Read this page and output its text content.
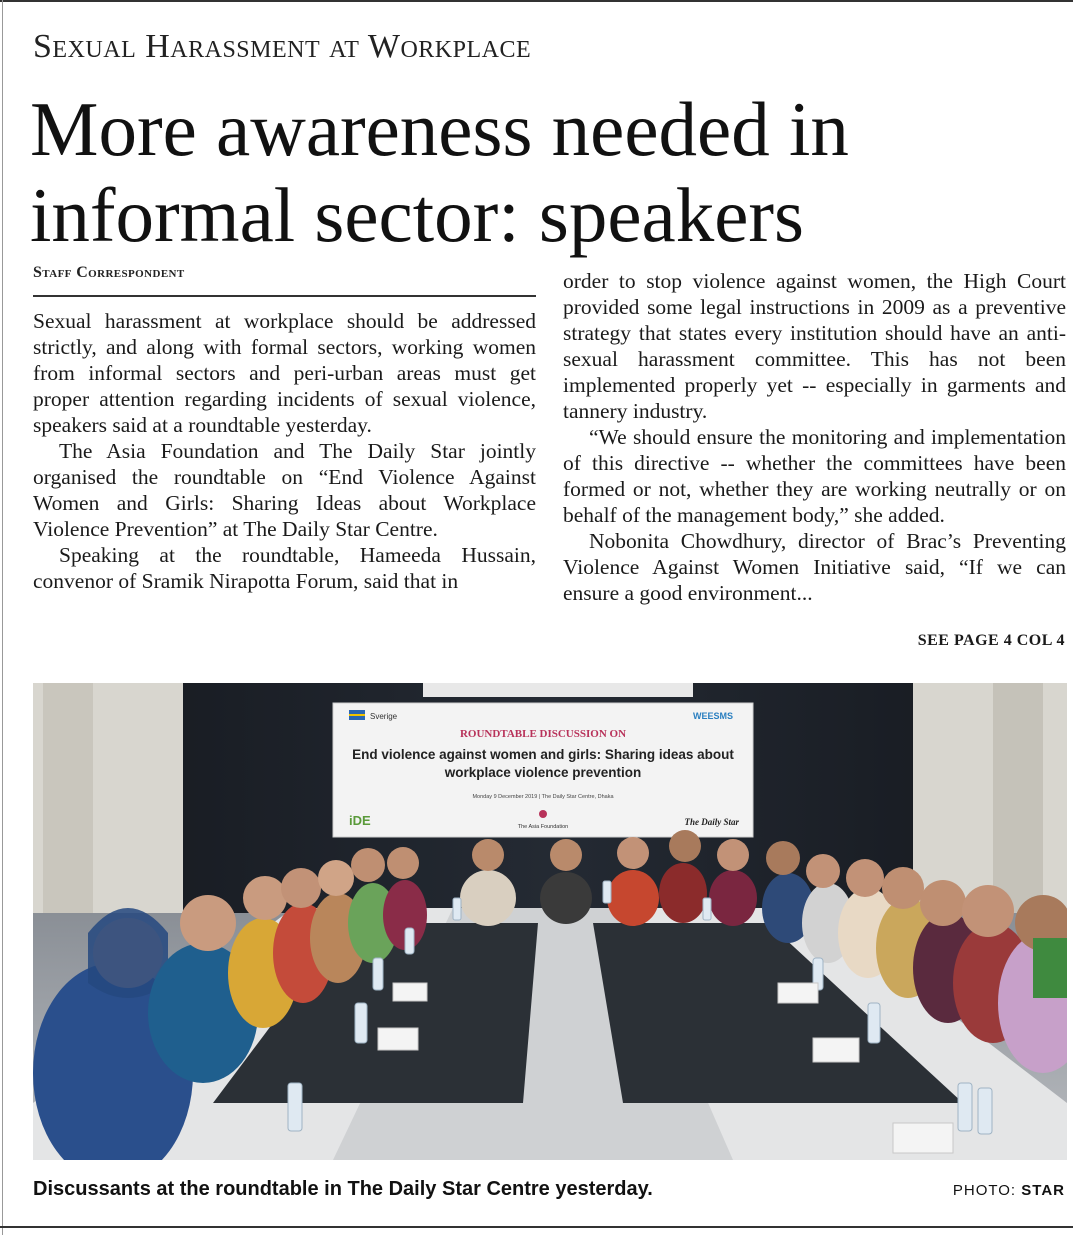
Sexual Harassment at Workplace
More awareness needed in informal sector: speakers
Staff Correspondent

Sexual harassment at workplace should be addressed strictly, and along with formal sectors, working women from informal sectors and peri-urban areas must get proper attention regarding incidents of sexual violence, speakers said at a roundtable yesterday.

The Asia Foundation and The Daily Star jointly organised the roundtable on “End Violence Against Women and Girls: Sharing Ideas about Workplace Violence Prevention” at The Daily Star Centre.

Speaking at the roundtable, Hameeda Hussain, convenor of Sramik Nirapotta Forum, said that in

order to stop violence against women, the High Court provided some legal instructions in 2009 as a preventive strategy that states every institution should have an anti-sexual harassment committee. This has not been implemented properly yet -- especially in garments and tannery industry.

“We should ensure the monitoring and implementation of this directive -- whether the committees have been formed or not, whether they are working neutrally or on behalf of the management body,” she added.

Nobonita Chowdhury, director of Brac’s Preventing Violence Against Women Initiative said, “If we can ensure a good environment...

SEE PAGE 4 COL 4
Sverige	WEESMS
ROUNDTABLE DISCUSSION ON
End violence against women and girls: Sharing ideas about
workplace violence prevention
Monday 9 December 2019 | The Daily Star Centre, Dhaka
iDE	The Asia Foundation	The Daily Star
Discussants at the roundtable in The Daily Star Centre yesterday.	PHOTO: STAR
